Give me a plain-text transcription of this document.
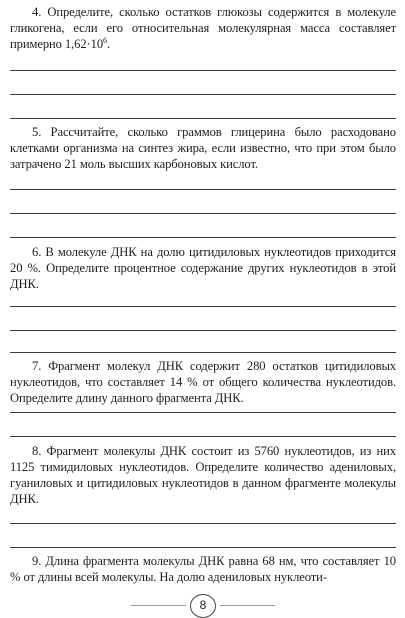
4. Определите, сколько остатков глюкозы содержится в молекуле гликогена, если его относительная молекулярная масса составляет примерно $1,62\cdot 10^6$.

5. Рассчитайте, сколько граммов глицерина было расходовано клетками организма на синтез жира, если известно, что при этом было затрачено 21 моль высших карбоновых кислот.

6. В молекуле ДНК на долю цитидиловых нуклеотидов приходится 20 %. Определите процентное содержание других нуклеотидов в этой ДНК.

7. Фрагмент молекул ДНК содержит 280 остатков цитидиловых нуклеотидов, что составляет 14 % от общего количества нуклеотидов. Определите длину данного фрагмента ДНК.

8. Фрагмент молекулы ДНК состоит из 5760 нуклеотидов, из них 1125 тимидиловых нуклеотидов. Определите количество адениловых, гуаниловых и цитидиловых нуклеотидов в данном фрагменте молекулы ДНК.

9. Длина фрагмента молекулы ДНК равна 68 нм, что составляет 10 % от длины всей молекулы. На долю адениловых нуклеоти-

8
